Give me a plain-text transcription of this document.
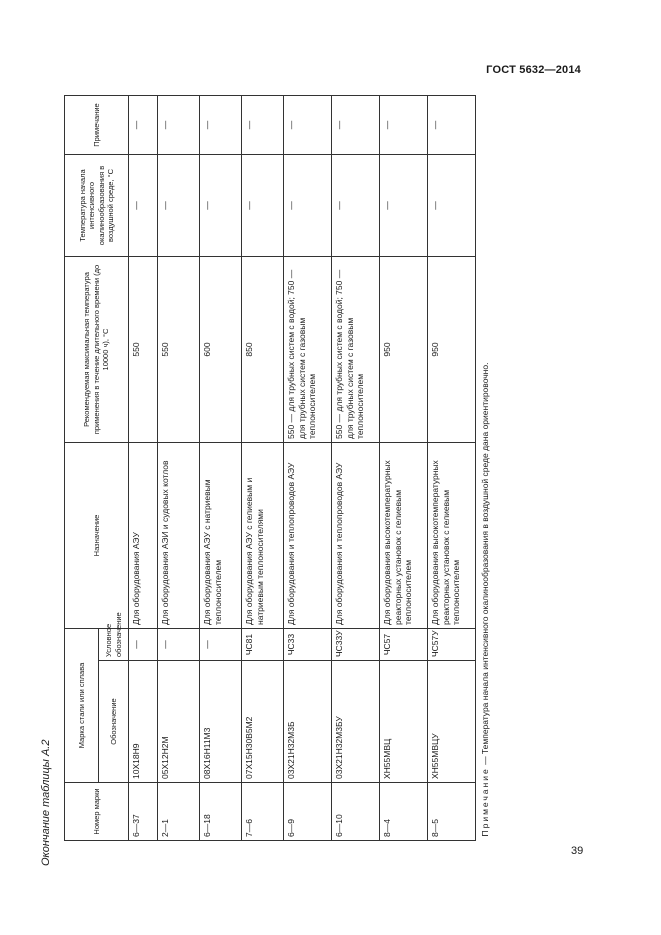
ГОСТ 5632—2014
Окончание таблицы А.2	Номер марки	Марка стали или сплава		Назначение	Рекомендуемая максимальная температура применения в течение длительного времени (до 10000 ч), °С	Температура начала интенсивного окалинообразования в воздушной среде, °С	Примечание
	Обозначение	Условное обозначение				
6—37	10Х18Н9	—	Для оборудования АЭУ	550	—	—
2—1	05Х12Н2М	—	Для оборудования АЭИ и судовых котлов	550	—	—
6—18	08Х16Н11М3	—	Для оборудования АЭУ с натриевым теплоносителем	600	—	—
7—6	07Х15Н30В5М2	ЧС81	Для оборудования АЭУ с гелиевым и натриевым теплоносителями	850	—	—
6—9	03Х21Н32М3Б	ЧС33	Для оборудования и теплопроводов АЭУ	550 — для трубных систем с водой; 750 — для трубных систем с газовым теплоносителем	—	—
6—10	03Х21Н32М3БУ	ЧС33У	Для оборудования и теплопроводов АЭУ	550 — для трубных систем с водой; 750 — для трубных систем с газовым теплоносителем	—	—
8—4	ХН55МВЦ	ЧС57	Для оборудования высокотемпературных реакторных установок с гелиевым теплоносителем	950	—	—
8—5	ХН55МВЦУ	ЧС57У	Для оборудования высокотемпературных реакторных установок с гелиевым теплоносителем	950	—	—
Примечание — Температура начала интенсивного окалинообразования в воздушной среде дана ориентировочно.						
39
